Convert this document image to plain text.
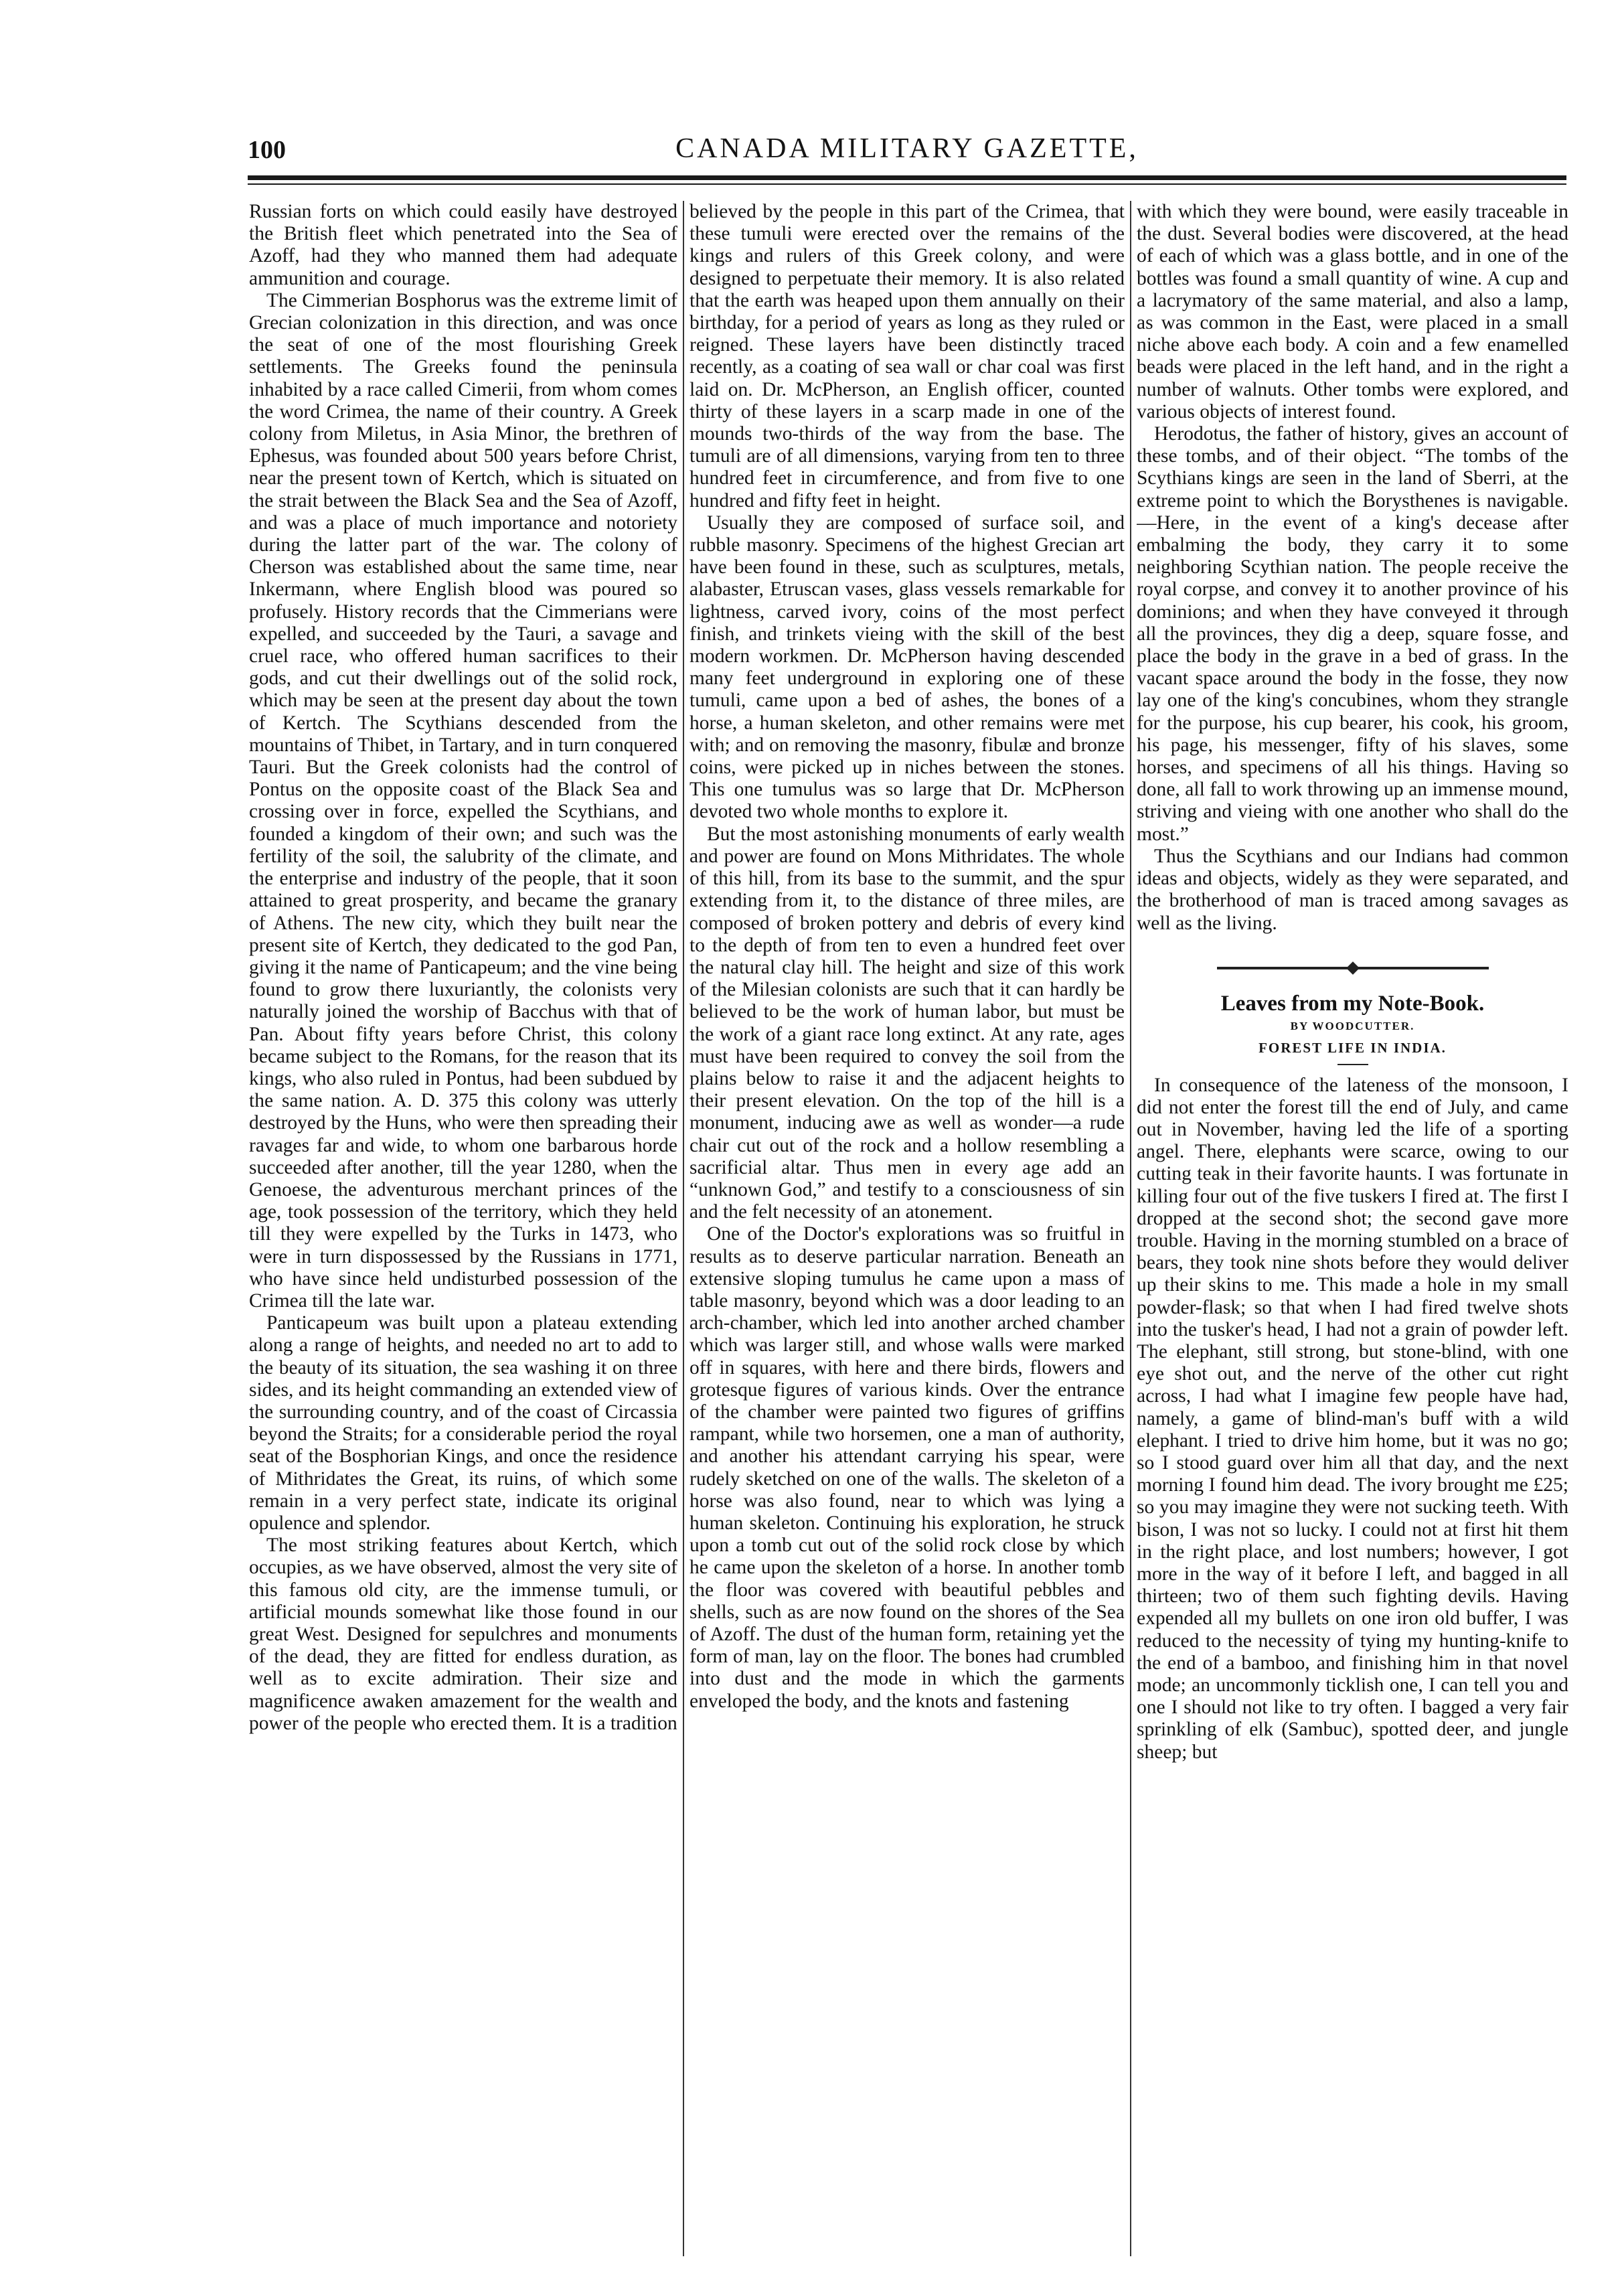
100	CANADA MILITARY GAZETTE,

Russian forts on which could easily have destroyed the British fleet which penetrated into the Sea of Azoff, had they who manned them had adequate ammunition and courage.

The Cimmerian Bosphorus was the extreme limit of Grecian colonization in this direction, and was once the seat of one of the most flourishing Greek settlements. The Greeks found the peninsula inhabited by a race called Cimerii, from whom comes the word Crimea, the name of their country. A Greek colony from Miletus, in Asia Minor, the brethren of Ephesus, was founded about 500 years before Christ, near the present town of Kertch, which is situated on the strait between the Black Sea and the Sea of Azoff, and was a place of much importance and notoriety during the latter part of the war. The colony of Cherson was established about the same time, near Inkermann, where English blood was poured so profusely. History records that the Cimmerians were expelled, and succeeded by the Tauri, a savage and cruel race, who offered human sacrifices to their gods, and cut their dwellings out of the solid rock, which may be seen at the present day about the town of Kertch. The Scythians descended from the mountains of Thibet, in Tartary, and in turn conquered Tauri. But the Greek colonists had the control of Pontus on the opposite coast of the Black Sea and crossing over in force, expelled the Scythians, and founded a kingdom of their own; and such was the fertility of the soil, the salubrity of the climate, and the enterprise and industry of the people, that it soon attained to great prosperity, and became the granary of Athens. The new city, which they built near the present site of Kertch, they dedicated to the god Pan, giving it the name of Panticapeum; and the vine being found to grow there luxuriantly, the colonists very naturally joined the worship of Bacchus with that of Pan. About fifty years before Christ, this colony became subject to the Romans, for the reason that its kings, who also ruled in Pontus, had been subdued by the same nation. A. D. 375 this colony was utterly destroyed by the Huns, who were then spreading their ravages far and wide, to whom one barbarous horde succeeded after another, till the year 1280, when the Genoese, the adventurous merchant princes of the age, took possession of the territory, which they held till they were expelled by the Turks in 1473, who were in turn dispossessed by the Russians in 1771, who have since held undisturbed possession of the Crimea till the late war.

Panticapeum was built upon a plateau extending along a range of heights, and needed no art to add to the beauty of its situation, the sea washing it on three sides, and its height commanding an extended view of the surrounding country, and of the coast of Circassia beyond the Straits; for a considerable period the royal seat of the Bosphorian Kings, and once the residence of Mithridates the Great, its ruins, of which some remain in a very perfect state, indicate its original opulence and splendor.

The most striking features about Kertch, which occupies, as we have observed, almost the very site of this famous old city, are the immense tumuli, or artificial mounds somewhat like those found in our great West. Designed for sepulchres and monuments of the dead, they are fitted for endless duration, as well as to excite admiration. Their size and magnificence awaken amazement for the wealth and power of the people who erected them. It is a tradition

believed by the people in this part of the Crimea, that these tumuli were erected over the remains of the kings and rulers of this Greek colony, and were designed to perpetuate their memory. It is also related that the earth was heaped upon them annually on their birthday, for a period of years as long as they ruled or reigned. These layers have been distinctly traced recently, as a coating of sea wall or char coal was first laid on. Dr. McPherson, an English officer, counted thirty of these layers in a scarp made in one of the mounds two-thirds of the way from the base. The tumuli are of all dimensions, varying from ten to three hundred feet in circumference, and from five to one hundred and fifty feet in height.

Usually they are composed of surface soil, and rubble masonry. Specimens of the highest Grecian art have been found in these, such as sculptures, metals, alabaster, Etruscan vases, glass vessels remarkable for lightness, carved ivory, coins of the most perfect finish, and trinkets vieing with the skill of the best modern workmen. Dr. McPherson having descended many feet underground in exploring one of these tumuli, came upon a bed of ashes, the bones of a horse, a human skeleton, and other remains were met with; and on removing the masonry, fibulæ and bronze coins, were picked up in niches between the stones. This one tumulus was so large that Dr. McPherson devoted two whole months to explore it.

But the most astonishing monuments of early wealth and power are found on Mons Mithridates. The whole of this hill, from its base to the summit, and the spur extending from it, to the distance of three miles, are composed of broken pottery and debris of every kind to the depth of from ten to even a hundred feet over the natural clay hill. The height and size of this work of the Milesian colonists are such that it can hardly be believed to be the work of human labor, but must be the work of a giant race long extinct. At any rate, ages must have been required to convey the soil from the plains below to raise it and the adjacent heights to their present elevation. On the top of the hill is a monument, inducing awe as well as wonder—a rude chair cut out of the rock and a hollow resembling a sacrificial altar. Thus men in every age add an “unknown God,” and testify to a consciousness of sin and the felt necessity of an atonement.

One of the Doctor's explorations was so fruitful in results as to deserve particular narration. Beneath an extensive sloping tumulus he came upon a mass of table masonry, beyond which was a door leading to an arch-chamber, which led into another arched chamber which was larger still, and whose walls were marked off in squares, with here and there birds, flowers and grotesque figures of various kinds. Over the entrance of the chamber were painted two figures of griffins rampant, while two horsemen, one a man of authority, and another his attendant carrying his spear, were rudely sketched on one of the walls. The skeleton of a horse was also found, near to which was lying a human skeleton. Continuing his exploration, he struck upon a tomb cut out of the solid rock close by which he came upon the skeleton of a horse. In another tomb the floor was covered with beautiful pebbles and shells, such as are now found on the shores of the Sea of Azoff. The dust of the human form, retaining yet the form of man, lay on the floor. The bones had crumbled into dust and the mode in which the garments enveloped the body, and the knots and fastening

with which they were bound, were easily traceable in the dust. Several bodies were discovered, at the head of each of which was a glass bottle, and in one of the bottles was found a small quantity of wine. A cup and a lacrymatory of the same material, and also a lamp, as was common in the East, were placed in a small niche above each body. A coin and a few enamelled beads were placed in the left hand, and in the right a number of walnuts. Other tombs were explored, and various objects of interest found.

Herodotus, the father of history, gives an account of these tombs, and of their object. “The tombs of the Scythians kings are seen in the land of Sberri, at the extreme point to which the Borysthenes is navigable.—Here, in the event of a king's decease after embalming the body, they carry it to some neighboring Scythian nation. The people receive the royal corpse, and convey it to another province of his dominions; and when they have conveyed it through all the provinces, they dig a deep, square fosse, and place the body in the grave in a bed of grass. In the vacant space around the body in the fosse, they now lay one of the king's concubines, whom they strangle for the purpose, his cup bearer, his cook, his groom, his page, his messenger, fifty of his slaves, some horses, and specimens of all his things. Having so done, all fall to work throwing up an immense mound, striving and vieing with one another who shall do the most.”

Thus the Scythians and our Indians had common ideas and objects, widely as they were separated, and the brotherhood of man is traced among savages as well as the living.

Leaves from my Note-Book.

BY WOODCUTTER.

FOREST LIFE IN INDIA.

In consequence of the lateness of the monsoon, I did not enter the forest till the end of July, and came out in November, having led the life of a sporting angel. There, elephants were scarce, owing to our cutting teak in their favorite haunts. I was fortunate in killing four out of the five tuskers I fired at. The first I dropped at the second shot; the second gave more trouble. Having in the morning stumbled on a brace of bears, they took nine shots before they would deliver up their skins to me. This made a hole in my small powder-flask; so that when I had fired twelve shots into the tusker's head, I had not a grain of powder left. The elephant, still strong, but stone-blind, with one eye shot out, and the nerve of the other cut right across, I had what I imagine few people have had, namely, a game of blind-man's buff with a wild elephant. I tried to drive him home, but it was no go; so I stood guard over him all that day, and the next morning I found him dead. The ivory brought me £25; so you may imagine they were not sucking teeth. With bison, I was not so lucky. I could not at first hit them in the right place, and lost numbers; however, I got more in the way of it before I left, and bagged in all thirteen; two of them such fighting devils. Having expended all my bullets on one iron old buffer, I was reduced to the necessity of tying my hunting-knife to the end of a bamboo, and finishing him in that novel mode; an uncommonly ticklish one, I can tell you and one I should not like to try often. I bagged a very fair sprinkling of elk (Sambuc), spotted deer, and jungle sheep; but
